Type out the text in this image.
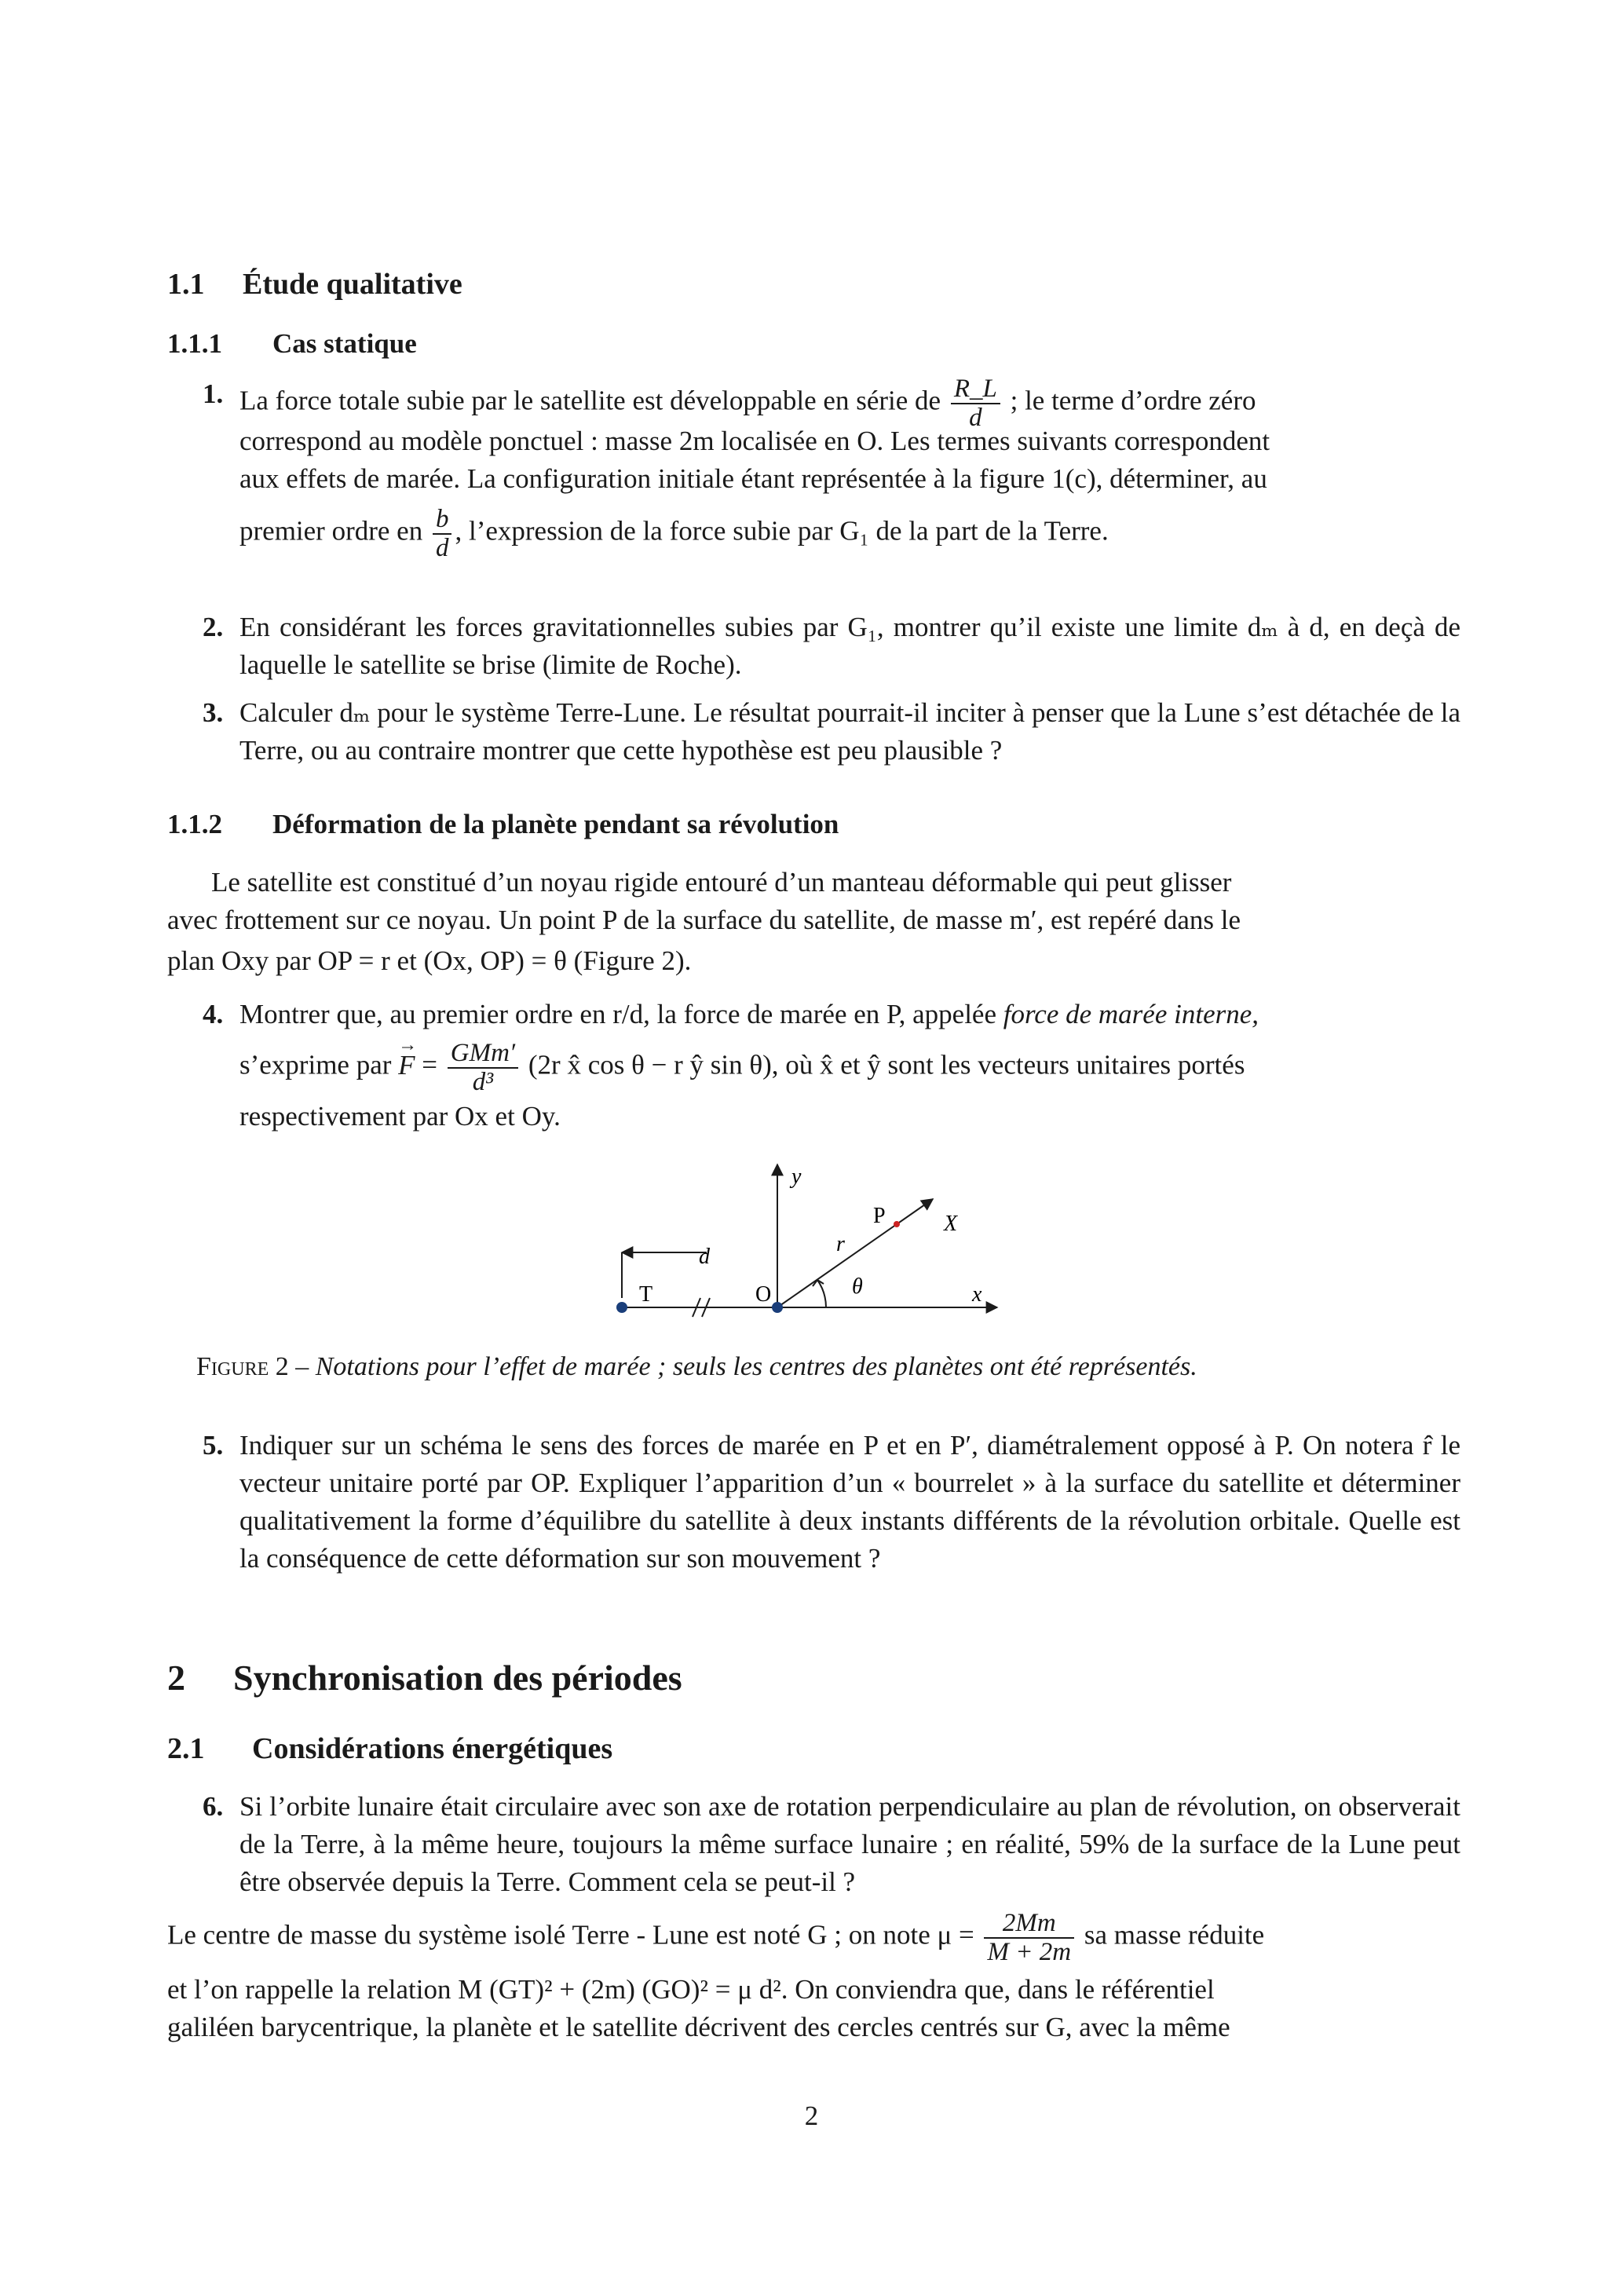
1.1 Étude qualitative
1.1.1 Cas statique
1. La force totale subie par le satellite est développable en série de $\frac{R\_L}{d}$ ; le terme d’ordre zéro
correspond au modèle ponctuel : masse 2m localisée en O. Les termes suivants correspondent
aux effets de marée. La configuration initiale étant représentée à la figure 1(c), déterminer, au
premier ordre en $\frac{b}{d}$ , l’expression de la force subie par G₁ de la part de la Terre.
2. En considérant les forces gravitationnelles subies par G₁, montrer qu’il existe une limite dₘ à d, en deçà de laquelle le satellite se brise (limite de Roche).
3. Calculer dₘ pour le système Terre-Lune. Le résultat pourrait-il inciter à penser que la Lune s’est détachée de la Terre, ou au contraire montrer que cette hypothèse est peu plausible ?
1.1.2 Déformation de la planète pendant sa révolution
Le satellite est constitué d’un noyau rigide entouré d’un manteau déformable qui peut glisser
avec frottement sur ce noyau. Un point P de la surface du satellite, de masse m′, est repéré dans le
plan Oxy par OP = r et (Ox, OP) = θ (Figure 2).
4. Montrer que, au premier ordre en r/d, la force de marée en P, appelée force de marée interne,
s’exprime par → $F = \frac{\text{GMm′}}{\text{d³}} (2r$ x̂ cos θ − r ŷ sin θ), où x̂ et ŷ sont les vecteurs unitaires portés
respectivement par Ox et Oy.
y
P	X
r
d
θ
T	O	x
Figure 2 – Notations pour l’effet de marée ; seuls les centres des planètes ont été représentés.
5. Indiquer sur un schéma le sens des forces de marée en P et en P′, diamétralement opposé à P. On notera r̂ le vecteur unitaire porté par OP. Expliquer l’apparition d’un « bourrelet » à la surface du satellite et déterminer qualitativement la forme d’équilibre du satellite à deux instants différents de la révolution orbitale. Quelle est la conséquence de cette déformation sur son mouvement ?
2 Synchronisation des périodes
2.1 Considérations énergétiques
6. Si l’orbite lunaire était circulaire avec son axe de rotation perpendiculaire au plan de révolution, on observerait de la Terre, à la même heure, toujours la même surface lunaire ; en réalité, 59% de la surface de la Lune peut être observée depuis la Terre. Comment cela se peut-il ?
Le centre de masse du système isolé Terre - Lune est noté G ; on note $\mu = \frac{2Mm}{M + 2m}$ sa masse réduite
et l’on rappelle la relation M (GT)² + (2m) (GO)² = μ d². On conviendra que, dans le référentiel
galiléen barycentrique, la planète et le satellite décrivent des cercles centrés sur G, avec la même
2
